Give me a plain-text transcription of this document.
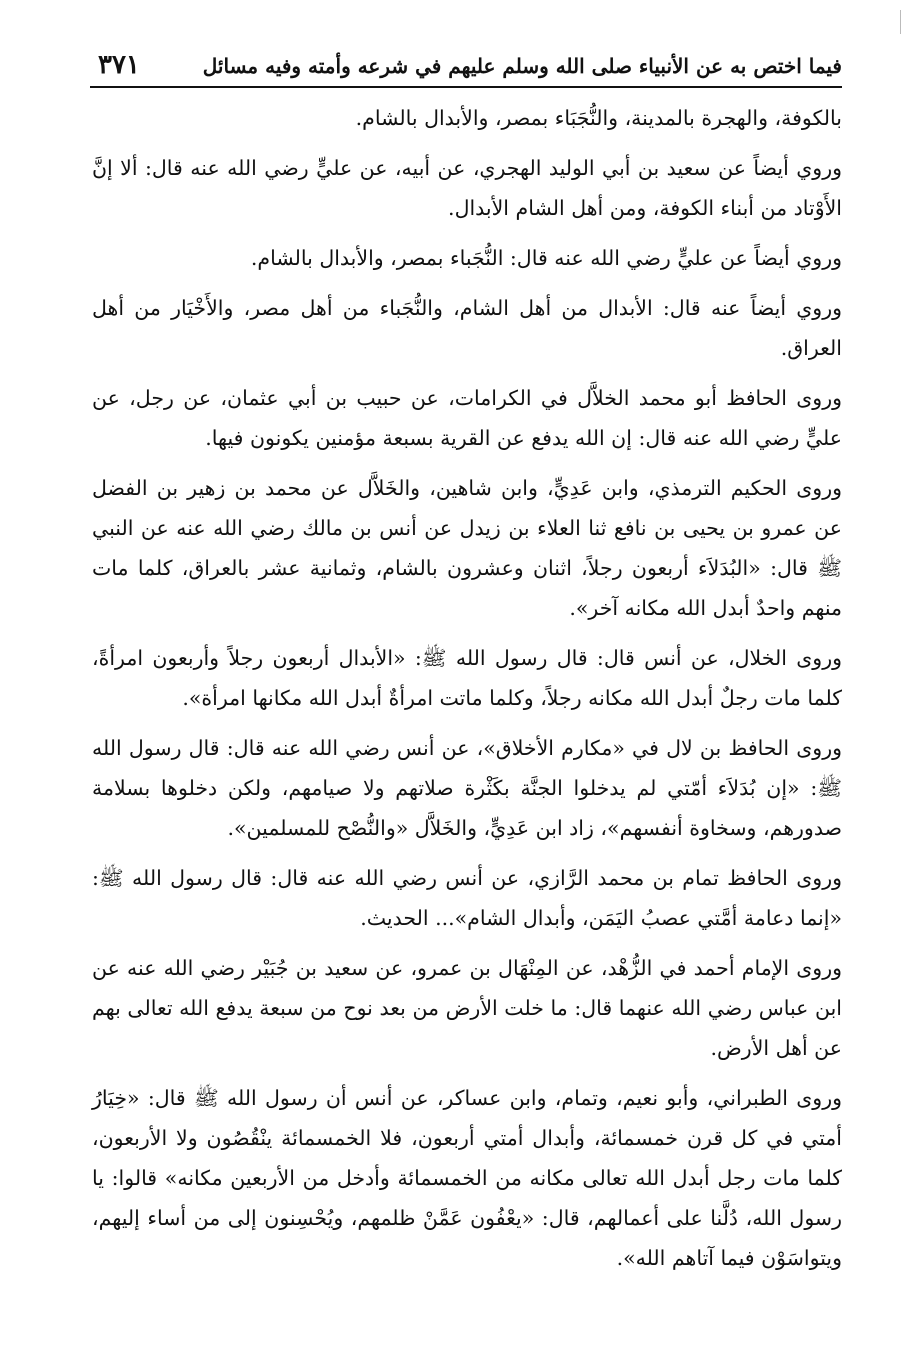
٣٧١	فيما اختص به عن الأنبياء صلى الله وسلم عليهم في شرعه وأمته وفيه مسائل

بالكوفة، والهجرة بالمدينة، والنُّجَبَاء بمصر، والأبدال بالشام.

وروي أيضاً عن سعيد بن أبي الوليد الهجري، عن أبيه، عن عليٍّ رضي الله عنه قال: ألا إنَّ الأَوْتاد من أبناء الكوفة، ومن أهل الشام الأبدال.

وروي أيضاً عن عليٍّ رضي الله عنه قال: النُّجَباء بمصر، والأبدال بالشام.

وروي أيضاً عنه قال: الأبدال من أهل الشام، والنُّجَباء من أهل مصر، والأَخْيَار من أهل العراق.

وروى الحافظ أبو محمد الخلاَّل في الكرامات، عن حبيب بن أبي عثمان، عن رجل، عن عليٍّ رضي الله عنه قال: إن الله يدفع عن القرية بسبعة مؤمنين يكونون فيها.

وروى الحكيم الترمذي، وابن عَدِيٍّ، وابن شاهين، والخَلاَّل عن محمد بن زهير بن الفضل عن عمرو بن يحيى بن نافع ثنا العلاء بن زيدل عن أنس بن مالك رضي الله عنه عن النبي ﷺ قال: «البُدَلاَء أربعون رجلاً، اثنان وعشرون بالشام، وثمانية عشر بالعراق، كلما مات منهم واحدٌ أبدل الله مكانه آخر».

وروى الخلال، عن أنس قال: قال رسول الله ﷺ: «الأبدال أربعون رجلاً وأربعون امرأةً، كلما مات رجلٌ أبدل الله مكانه رجلاً، وكلما ماتت امرأةٌ أبدل الله مكانها امرأة».

وروى الحافظ بن لال في «مكارم الأخلاق»، عن أنس رضي الله عنه قال: قال رسول الله ﷺ: «إن بُدَلاَء أمّتي لم يدخلوا الجنَّة بكَثْرة صلاتهم ولا صيامهم، ولكن دخلوها بسلامة صدورهم، وسخاوة أنفسهم»، زاد ابن عَدِيٍّ، والخَلاَّل «والنُّصْح للمسلمين».

وروى الحافظ تمام بن محمد الرَّازي، عن أنس رضي الله عنه قال: قال رسول الله ﷺ: «إنما دعامة أمَّتي عصبُ اليَمَن، وأبدال الشام»... الحديث.

وروى الإمام أحمد في الزُّهْد، عن المِنْهَال بن عمرو، عن سعيد بن جُبَيْر رضي الله عنه عن ابن عباس رضي الله عنهما قال: ما خلت الأرض من بعد نوح من سبعة يدفع الله تعالى بهم عن أهل الأرض.

وروى الطبراني، وأبو نعيم، وتمام، وابن عساكر، عن أنس أن رسول الله ﷺ قال: «خِيَارُ أمتي في كل قرن خمسمائة، وأبدال أمتي أربعون، فلا الخمسمائة ينْقُصُون ولا الأربعون، كلما مات رجل أبدل الله تعالى مكانه من الخمسمائة وأدخل من الأربعين مكانه» قالوا: يا رسول الله، دُلَّنا على أعمالهم، قال: «يعْفُون عَمَّنْ ظلمهم، ويُحْسِنون إلى من أساء إليهم، ويتواسَوْن فيما آتاهم الله».
